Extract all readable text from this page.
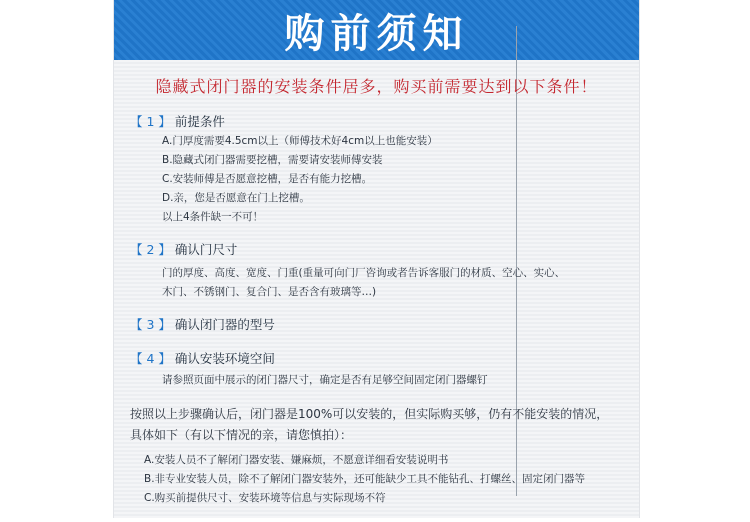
购前须知
隐藏式闭门器的安装条件居多，购买前需要达到以下条件！
【 1 】 前提条件
A.门厚度需要4.5cm以上（师傅技术好4cm以上也能安装）
B.隐藏式闭门器需要挖槽，需要请安装师傅安装
C.安装师傅是否愿意挖槽，是否有能力挖槽。
D.亲，您是否愿意在门上挖槽。
以上4条件缺一不可！
【 2 】 确认门尺寸
门的厚度、高度、宽度、门重(重量可向门厂咨询或者告诉客服门的材质、空心、实心、
木门、不锈钢门、复合门、是否含有玻璃等…)
【 3 】 确认闭门器的型号
【 4 】 确认安装环境空间
请参照页面中展示的闭门器尺寸，确定是否有足够空间固定闭门器螺钉
按照以上步骤确认后，闭门器是100%可以安装的，但实际购买够，仍有不能安装的情况，
具体如下（有以下情况的亲，请您慎拍）：
A.安装人员不了解闭门器安装、嫌麻烦，不愿意详细看安装说明书
B.非专业安装人员，除不了解闭门器安装外，还可能缺少工具不能钻孔、打螺丝、固定闭门器等
C.购买前提供尺寸、安装环境等信息与实际现场不符
